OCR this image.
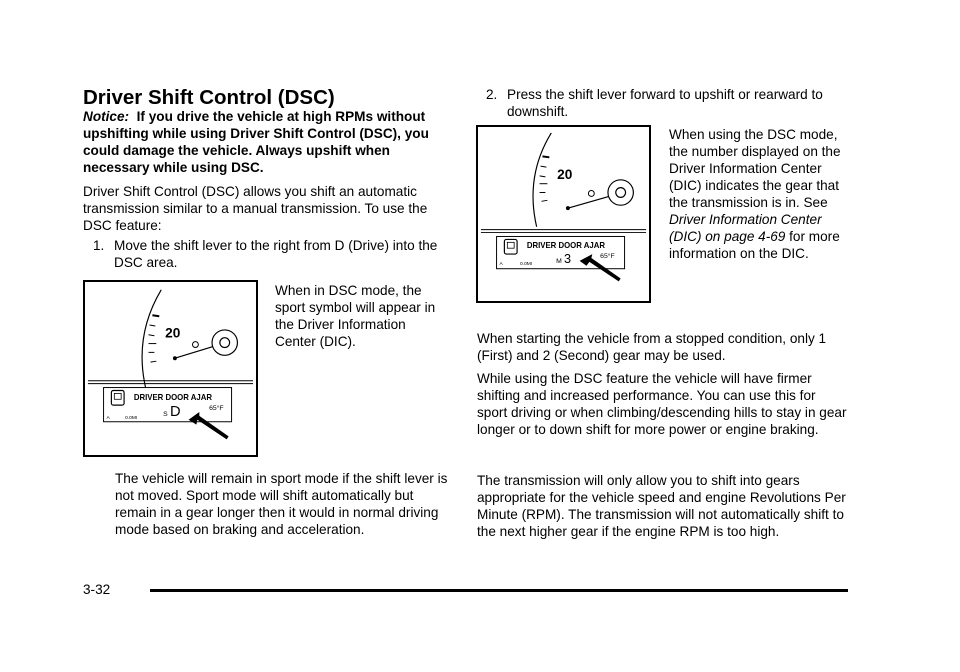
Driver Shift Control (DSC)

Notice: If you drive the vehicle at high RPMs without upshifting while using Driver Shift Control (DSC), you could damage the vehicle. Always upshift when necessary while using DSC.

Driver Shift Control (DSC) allows you shift an automatic transmission similar to a manual transmission. To use the DSC feature:

1. Move the shift lever to the right from D (Drive) into the DSC area.
20
DRIVER DOOR AJAR
A	0.0MI
S D	65°F

When in DSC mode, the sport symbol will appear in the Driver Information Center (DIC).

The vehicle will remain in sport mode if the shift lever is not moved. Sport mode will shift automatically but remain in a gear longer then it would in normal driving mode based on braking and acceleration.

2. Press the shift lever forward to upshift or rearward to downshift.
20
DRIVER DOOR AJAR
A	0.0MI	M 3	65°F

When using the DSC mode, the number displayed on the Driver Information Center (DIC) indicates the gear that the transmission is in. See Driver Information Center (DIC) on page 4-69 for more information on the DIC.

When starting the vehicle from a stopped condition, only 1 (First) and 2 (Second) gear may be used.

While using the DSC feature the vehicle will have firmer shifting and increased performance. You can use this for sport driving or when climbing/descending hills to stay in gear longer or to down shift for more power or engine braking.

The transmission will only allow you to shift into gears appropriate for the vehicle speed and engine Revolutions Per Minute (RPM). The transmission will not automatically shift to the next higher gear if the engine RPM is too high.

3-32
